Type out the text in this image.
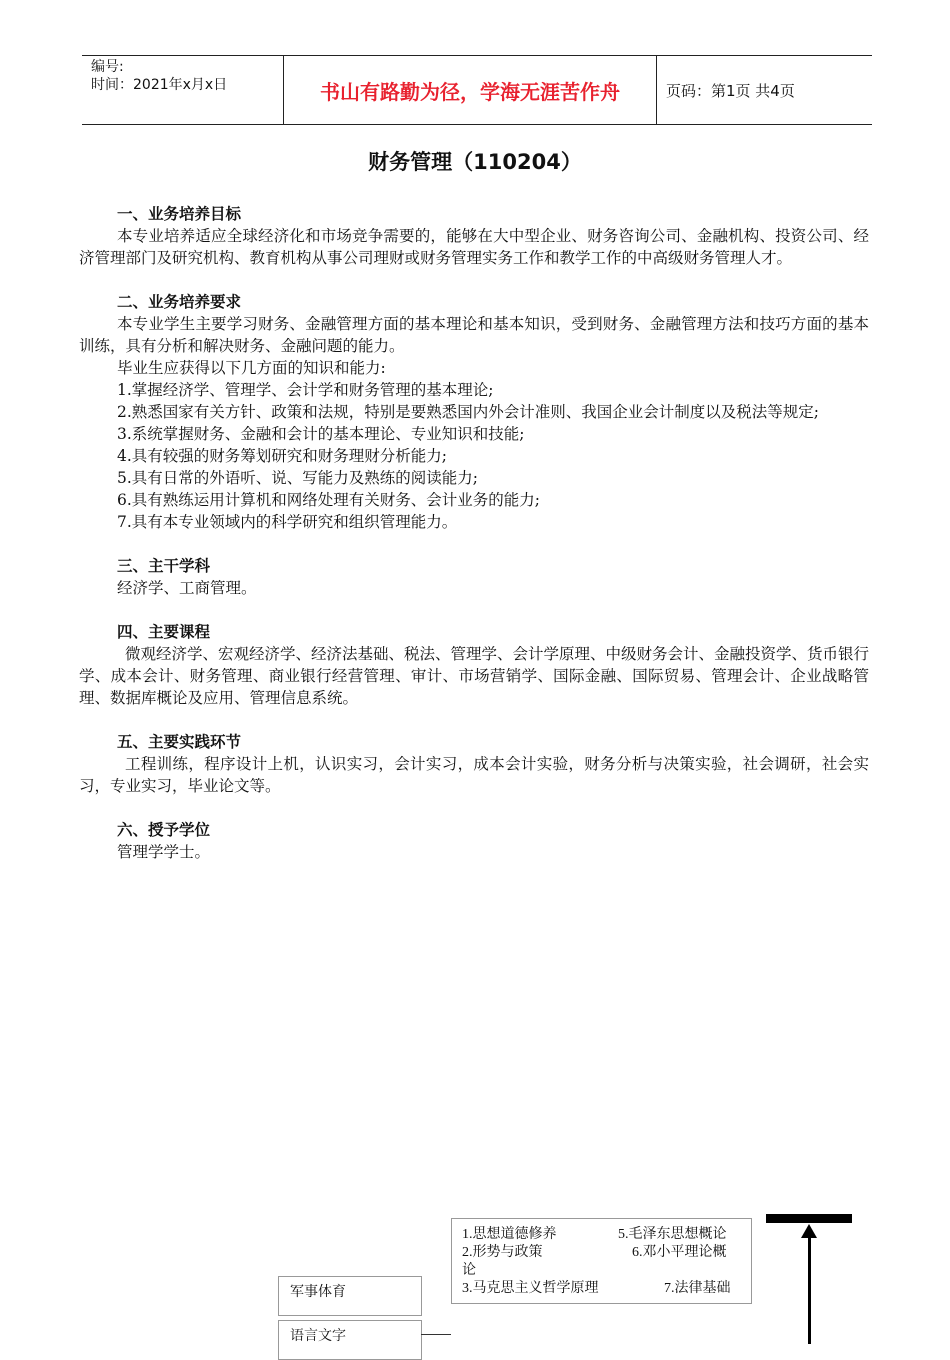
编号:
时间：2021年x月x日	书山有路勤为径，学海无涯苦作舟	页码：第1页 共4页
财务管理（110204）

一、业务培养目标

本专业培养适应全球经济化和市场竞争需要的，能够在大中型企业、财务咨询公司、金融机构、投资公司、经济管理部门及研究机构、教育机构从事公司理财或财务管理实务工作和教学工作的中高级财务管理人才。

二、业务培养要求

本专业学生主要学习财务、金融管理方面的基本理论和基本知识，受到财务、金融管理方法和技巧方面的基本训练，具有分析和解决财务、金融问题的能力。

毕业生应获得以下几方面的知识和能力:

1.掌握经济学、管理学、会计学和财务管理的基本理论;

2.熟悉国家有关方针、政策和法规，特别是要熟悉国内外会计准则、我国企业会计制度以及税法等规定;

3.系统掌握财务、金融和会计的基本理论、专业知识和技能;

4.具有较强的财务筹划研究和财务理财分析能力;

5.具有日常的外语听、说、写能力及熟练的阅读能力;

6.具有熟练运用计算机和网络处理有关财务、会计业务的能力;

7.具有本专业领域内的科学研究和组织管理能力。

三、主干学科

经济学、工商管理。

四、主要课程

微观经济学、宏观经济学、经济法基础、税法、管理学、会计学原理、中级财务会计、金融投资学、货币银行学、成本会计、财务管理、商业银行经营管理、审计、市场营销学、国际金融、国际贸易、管理会计、企业战略管理、数据库概论及应用、管理信息系统。

五、主要实践环节

工程训练，程序设计上机，认识实习，会计实习，成本会计实验，财务分析与决策实验，社会调研，社会实习，专业实习，毕业论文等。

六、授予学位

管理学学士。

1.思想道德修养	5.毛泽东思想概论
2.形势与政策	6.邓小平理论概
论
3.马克思主义哲学原理	7.法律基础
军事体育
语言文字
